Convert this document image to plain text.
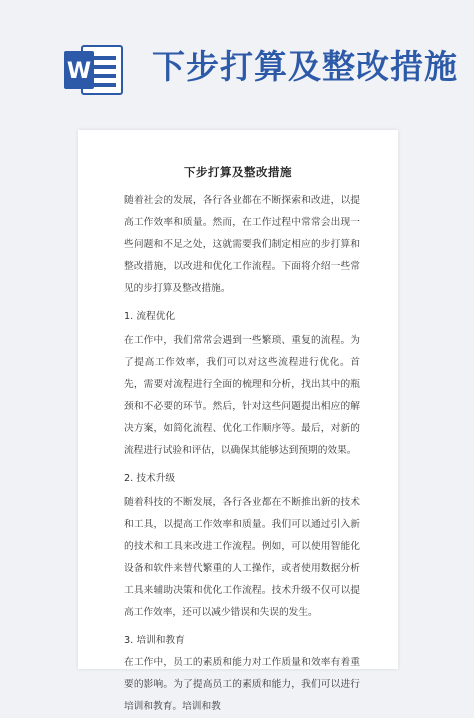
W 下步打算及整改措施
下步打算及整改措施

随着社会的发展，各行各业都在不断探索和改进，以提高工作效率和质量。然而，在工作过程中常常会出现一些问题和不足之处，这就需要我们制定相应的步打算和整改措施，以改进和优化工作流程。下面将介绍一些常见的步打算及整改措施。

1. 流程优化

在工作中，我们常常会遇到一些繁琐、重复的流程。为了提高工作效率，我们可以对这些流程进行优化。首先，需要对流程进行全面的梳理和分析，找出其中的瓶颈和不必要的环节。然后，针对这些问题提出相应的解决方案，如简化流程、优化工作顺序等。最后，对新的流程进行试验和评估，以确保其能够达到预期的效果。

2. 技术升级

随着科技的不断发展，各行各业都在不断推出新的技术和工具，以提高工作效率和质量。我们可以通过引入新的技术和工具来改进工作流程。例如，可以使用智能化设备和软件来替代繁重的人工操作，或者使用数据分析工具来辅助决策和优化工作流程。技术升级不仅可以提高工作效率，还可以减少错误和失误的发生。

3. 培训和教育

在工作中，员工的素质和能力对工作质量和效率有着重要的影响。为了提高员工的素质和能力，我们可以进行培训和教育。培训和教
